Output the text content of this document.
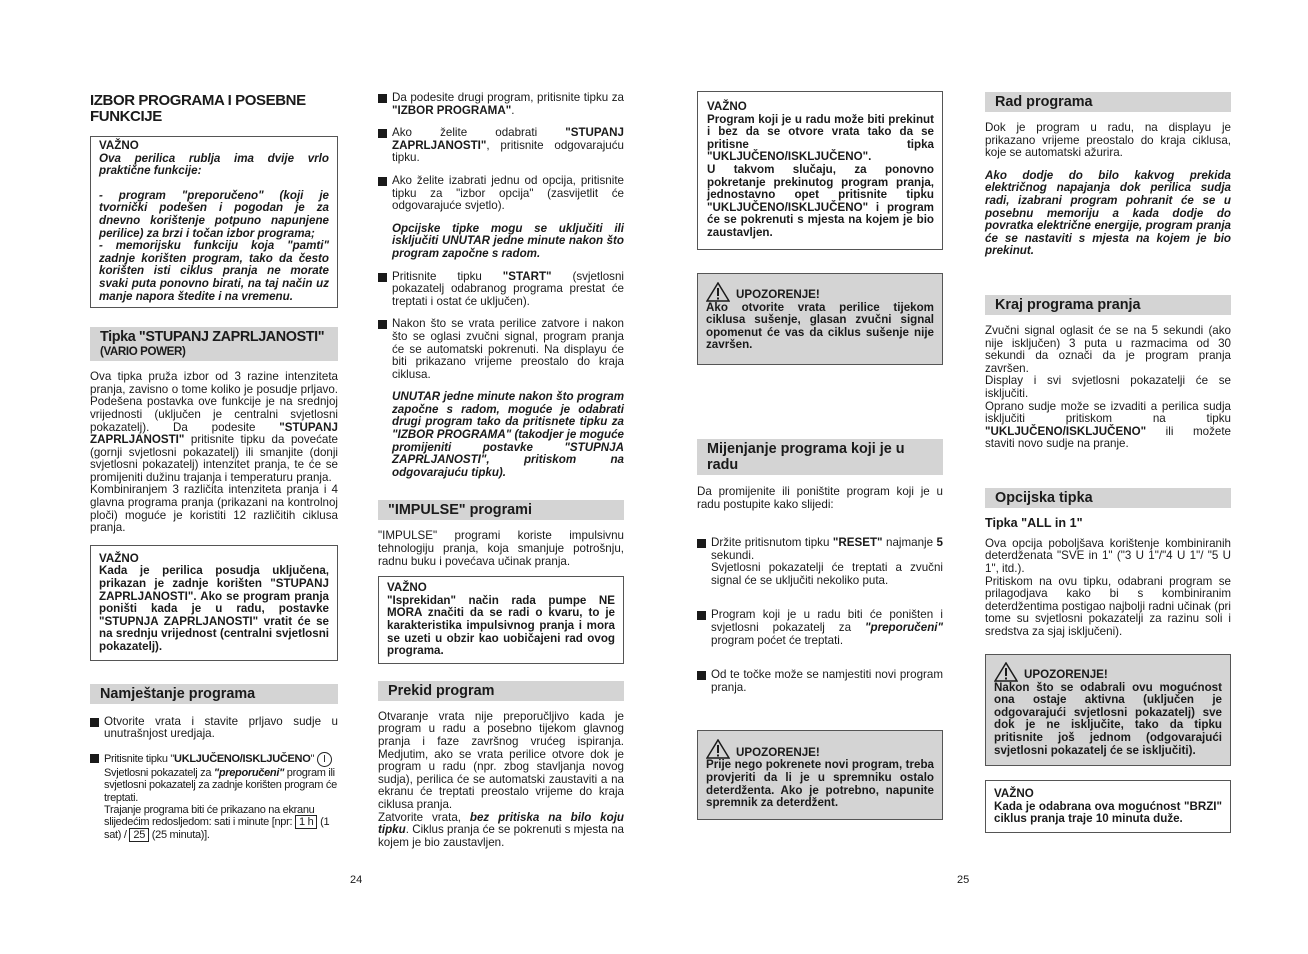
IZBOR PROGRAMA I POSEBNE FUNKCIJE
VAŽNO

Ova perilica rublja ima dvije vrlo praktične funkcije:

- program "preporučeno" (koji je tvornički podešen i pogodan je za dnevno korištenje potpuno napunjene perilice) za brzi i točan izbor programa;

- memorijsku funkciju koja "pamti" zadnje korišten program, tako da često korišten isti ciklus pranja ne morate svaki puta ponovno birati, na taj način uz manje napora štedite i na vremenu.

Tipka "STUPANJ ZAPRLJANOSTI"
(VARIO POWER)

Ova tipka pruža izbor od 3 razine intenziteta pranja, zavisno o tome koliko je posudje prljavo. Podešena postavka ove funkcije je na srednjoj vrijednosti (uključen je centralni svjetlosni pokazatelj). Da podesite "STUPANJ ZAPRLJANOSTI" pritisnite tipku da povećate (gornji svjetlosni pokazatelj) ili smanjite (donji svjetlosni pokazatelj) intenzitet pranja, te će se promijeniti dužinu trajanja i temperaturu pranja.

Kombiniranjem 3 različita intenziteta pranja i 4 glavna programa pranja (prikazani na kontrolnoj ploči) moguće je koristiti 12 različitih ciklusa pranja.

VAŽNO

Kada je perilica posudja uključena, prikazan je zadnje korišten "STUPANJ ZAPRLJANOSTI". Ako se program pranja poništi kada je u radu, postavke "STUPNJA ZAPRLJANOSTI" vratit će se na srednju vrijednost (centralni svjetlosni pokazatelj).

Namještanje programa
Otvorite vrata i stavite prljavo sudje u unutrašnjost uredjaja.
Pritisnite tipku "UKLJUČENO/ISKLJUČENO" I
Svjetlosni pokazatelj za "preporučeni" program ili svjetlosni pokazatelj za zadnje korišten program će treptati.
Trajanje programa biti će prikazano na ekranu slijedećim redosljedom: sati i minute [npr: 1 h (1 sat) / 25 (25 minuta)].
24
Da podesite drugi program, pritisnite tipku za "IZBOR PROGRAMA".
Ako želite odabrati "STUPANJ ZAPRLJANOSTI", pritisnite odgovarajuću tipku.
Ako želite izabrati jednu od opcija, pritisnite tipku za "izbor opcija" (zasvijetlit će odgovarajuće svjetlo).

Opcijske tipke mogu se uključiti ili isključiti UNUTAR jedne minute nakon što program započne s radom.

Pritisnite tipku "START" (svjetlosni pokazatelj odabranog programa prestat će treptati i ostat će uključen).
Nakon što se vrata perilice zatvore i nakon što se oglasi zvučni signal, program pranja će se automatski pokrenuti. Na displayu će biti prikazano vrijeme preostalo do kraja ciklusa.

UNUTAR jedne minute nakon što program započne s radom, moguće je odabrati drugi program tako da pritisnete tipku za "IZBOR PROGRAMA" (takodjer je moguće promijeniti postavke "STUPNJA ZAPRLJANOSTI", pritiskom na odgovarajuću tipku).

"IMPULSE" programi

"IMPULSE" programi koriste impulsivnu tehnologiju pranja, koja smanjuje potrošnju, radnu buku i povećava učinak pranja.

VAŽNO

"Isprekidan" način rada pumpe NE MORA značiti da se radi o kvaru, to je karakteristika impulsivnog pranja i mora se uzeti u obzir kao uobičajeni rad ovog programa.

Prekid program

Otvaranje vrata nije preporučljivo kada je program u radu a posebno tijekom glavnog pranja i faze završnog vrućeg ispiranja. Medjutim, ako se vrata perilice otvore dok je program u radu (npr. zbog stavljanja novog sudja), perilica će se automatski zaustaviti a na ekranu će treptati preostalo vrijeme do kraja ciklusa pranja.

Zatvorite vrata, bez pritiska na bilo koju tipku. Ciklus pranja će se pokrenuti s mjesta na kojem je bio zaustavljen.

VAŽNO

Program koji je u radu može biti prekinut i bez da se otvore vrata tako da se pritisne tipka "UKLJUČENO/ISKLJUČENO".
U takvom slučaju, za ponovno pokretanje prekinutog program pranja, jednostavno opet pritisnite tipku "UKLJUČENO/ISKLJUČENO" i program će se pokrenuti s mjesta na kojem je bio zaustavljen.

UPOZORENJE!

Ako otvorite vrata perilice tijekom ciklusa sušenje, glasan zvučni signal opomenut će vas da ciklus sušenje nije završen.

Mijenjanje programa koji je u radu

Da promijenite ili poništite program koji je u radu postupite kako slijedi:

Držite pritisnutom tipku "RESET" najmanje 5 sekundi.
Svjetlosni pokazatelji će treptati a zvučni signal će se uključiti nekoliko puta.
Program koji je u radu biti će poništen i svjetlosni pokazatelj za "preporučeni" program poćet će treptati.
Od te točke može se namjestiti novi program pranja.
UPOZORENJE!

Prije nego pokrenete novi program, treba provjeriti da li je u spremniku ostalo deterdženta. Ako je potrebno, napunite spremnik za deterdžent.

25
Rad programa

Dok je program u radu, na displayu je prikazano vrijeme preostalo do kraja ciklusa, koje se automatski ažurira.

Ako dodje do bilo kakvog prekida električnog napajanja dok perilica sudja radi, izabrani program pohranit će se u posebnu memoriju a kada dodje do povratka električne energije, program pranja će se nastaviti s mjesta na kojem je bio prekinut.

Kraj programa pranja

Zvučni signal oglasit će se na 5 sekundi (ako nije isključen) 3 puta u razmacima od 30 sekundi da označi da je program pranja završen.

Display i svi svjetlosni pokazatelji će se isključiti.

Oprano sudje može se izvaditi a perilica sudja isključiti pritiskom na tipku "UKLJUČENO/ISKLJUČENO" ili možete staviti novo sudje na pranje.

Opcijska tipka
Tipka "ALL in 1"

Ova opcija poboljšava korištenje kombiniranih deterdženata "SVE in 1" ("3 U 1"/"4 U 1"/ "5 U 1", itd.).

Pritiskom na ovu tipku, odabrani program se prilagodjava kako bi s kombiniranim deterdžentima postigao najbolji radni učinak (pri tome su svjetlosni pokazatelji za razinu soli i sredstva za sjaj isključeni).

UPOZORENJE!

Nakon što se odabrali ovu mogućnost ona ostaje aktivna (uključen je odgovarajući svjetlosni pokazatelj) sve dok je ne isključite, tako da tipku pritisnite još jednom (odgovarajući svjetlosni pokazatelj će se isključiti).

VAŽNO

Kada je odabrana ova mogućnost "BRZI" ciklus pranja traje 10 minuta duže.
